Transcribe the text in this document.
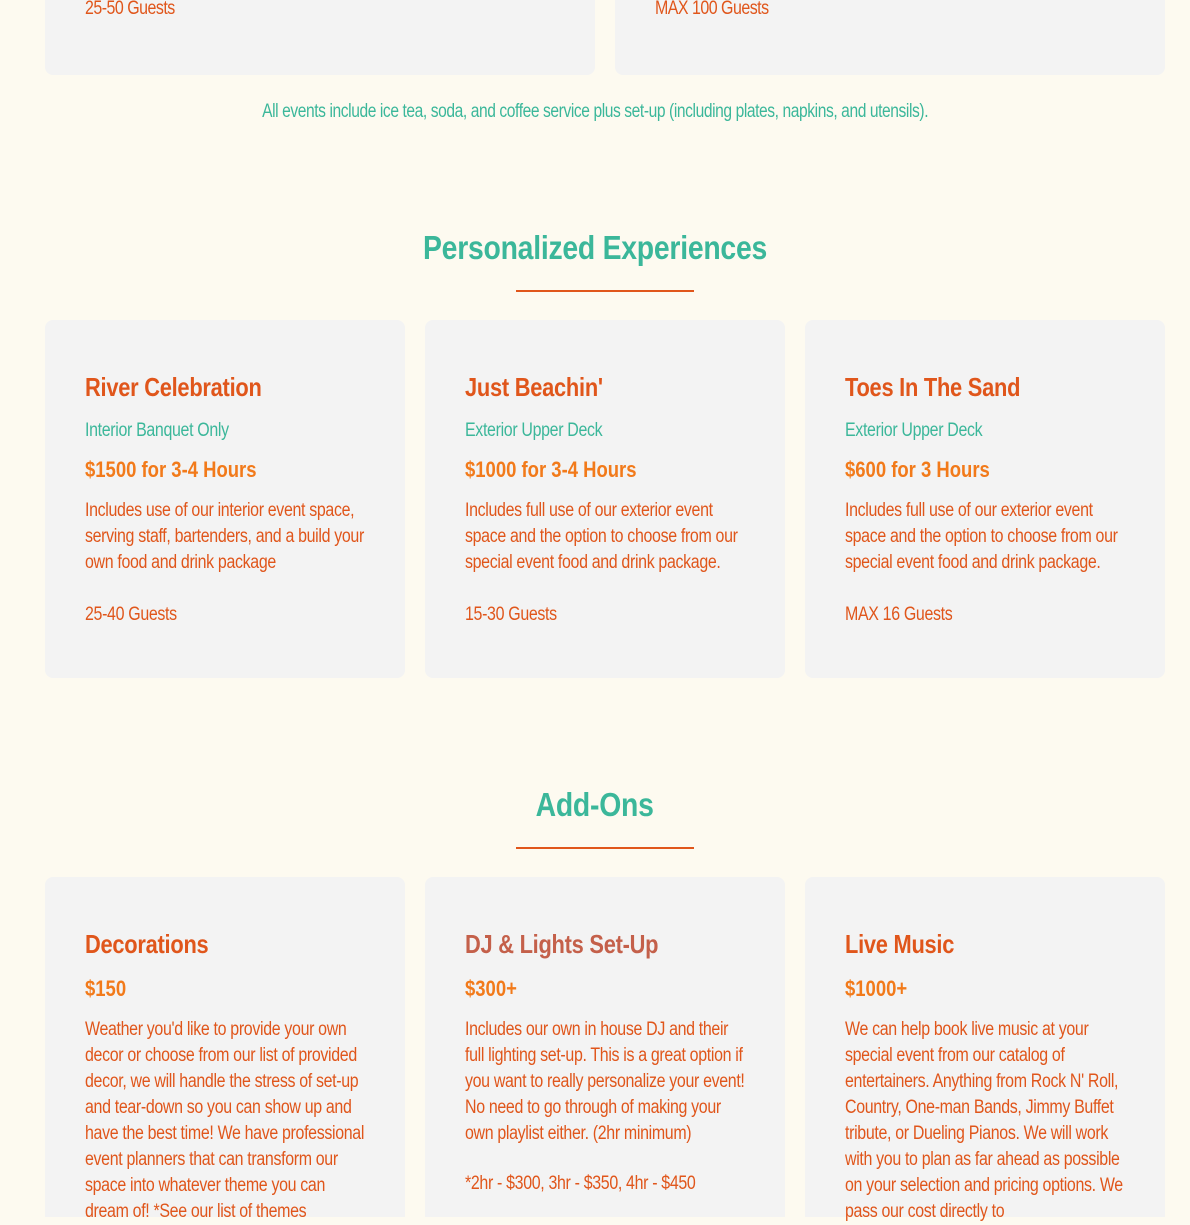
25-50 Guests	MAX 100 Guests
All events include ice tea, soda, and coffee service plus set-up (including plates, napkins, and utensils).
Personalized Experiences
River Celebration
Interior Banquet Only
$1500 for 3-4 Hours
Includes use of our interior event space, serving staff, bartenders, and a build your own food and drink package
25-40 Guests
Just Beachin'
Exterior Upper Deck
$1000 for 3-4 Hours
Includes full use of our exterior event space and the option to choose from our special event food and drink package.
15-30 Guests
Toes In The Sand
Exterior Upper Deck
$600 for 3 Hours
Includes full use of our exterior event space and the option to choose from our special event food and drink package.
MAX 16 Guests
Add-Ons
Decorations
$150
Weather you'd like to provide your own decor or choose from our list of provided decor, we will handle the stress of set-up and tear-down so you can show up and have the best time! We have professional event planners that can transform our space into whatever theme you can dream of! *See our list of themes
DJ & Lights Set-Up
$300+
Includes our own in house DJ and their full lighting set-up. This is a great option if you want to really personalize your event! No need to go through of making your own playlist either. (2hr minimum)
*2hr - $300, 3hr - $350, 4hr - $450
Live Music
$1000+
We can help book live music at your special event from our catalog of entertainers. Anything from Rock N' Roll, Country, One-man Bands, Jimmy Buffet tribute, or Dueling Pianos. We will work with you to plan as far ahead as possible on your selection and pricing options. We pass our cost directly to
